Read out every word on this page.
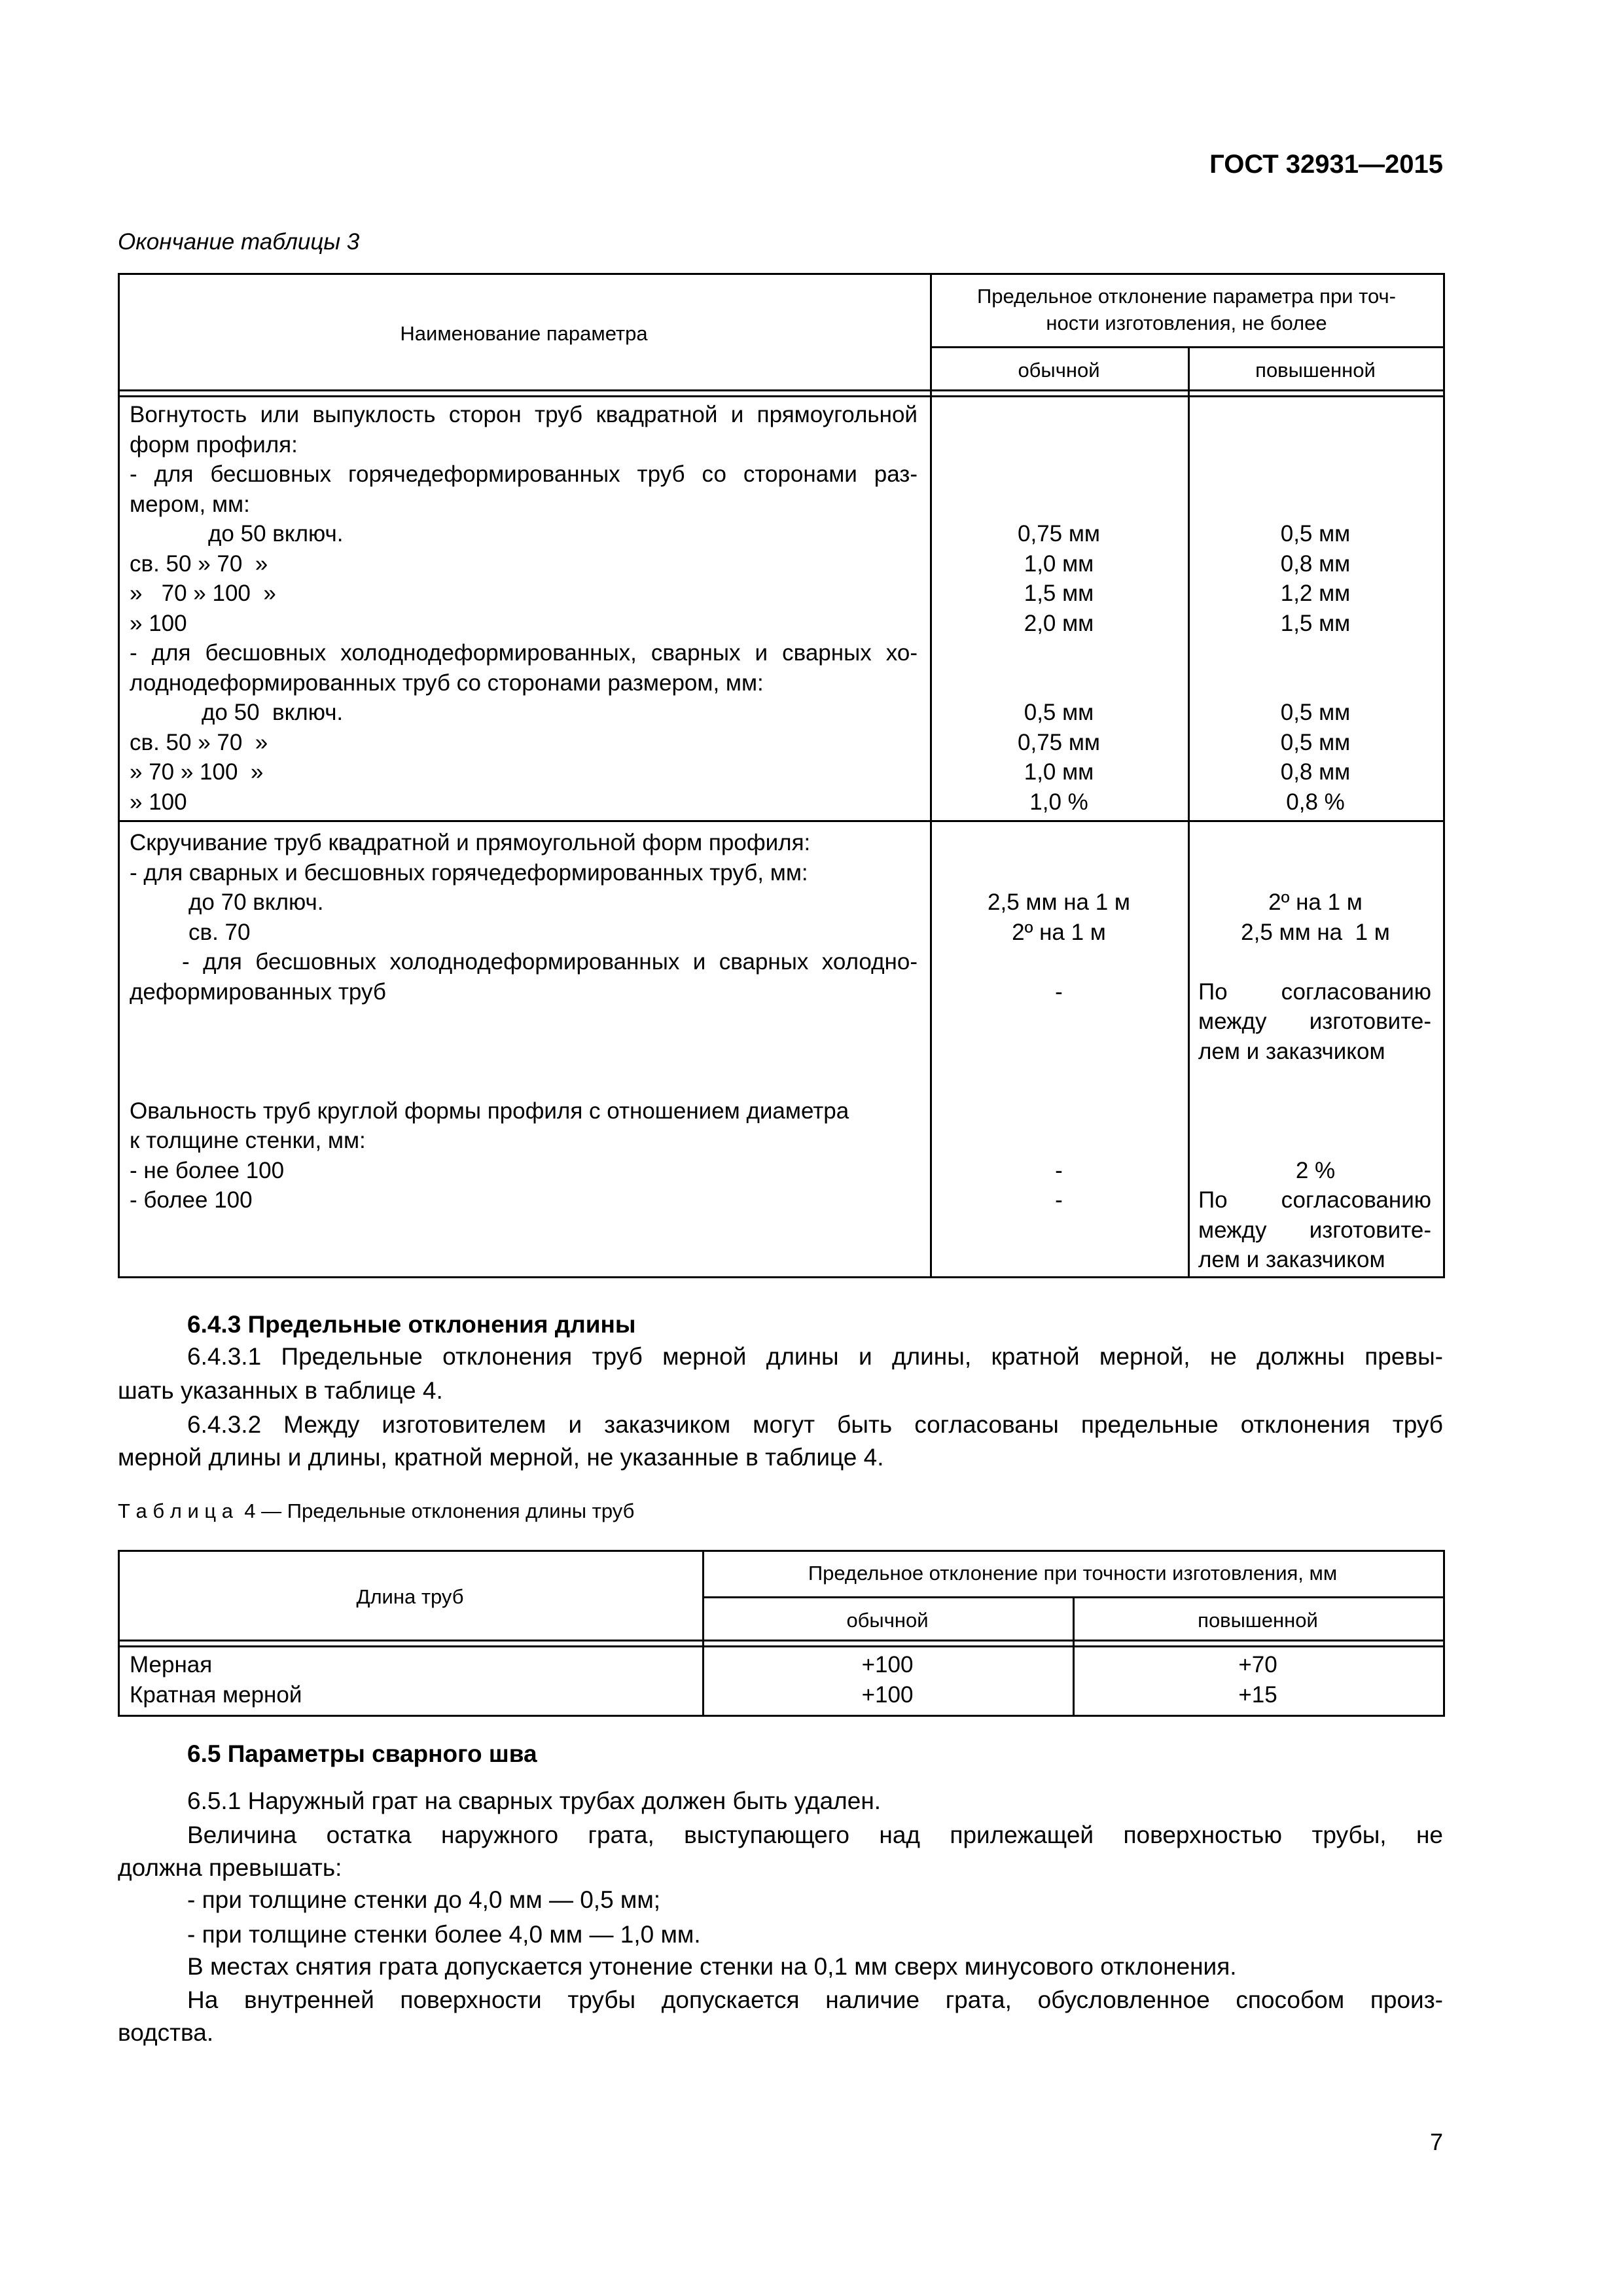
ГОСТ 32931—2015
Окончание таблицы 3
Наименование параметра
Предельное отклонение параметра при точ-
ности изготовления, не более
обычной	повышенной
Вогнутость или выпуклость сторон труб квадратной и прямоугольной
форм профиля:
- для бесшовных горячедеформированных труб со сторонами раз-
мером, мм:
до 50 включ.	0,75 мм	0,5 мм
св. 50 » 70  »	1,0 мм	0,8 мм
»   70 » 100  »	1,5 мм	1,2 мм
» 100	2,0 мм	1,5 мм
- для бесшовных холоднодеформированных, сварных и сварных хо-
лоднодеформированных труб со сторонами размером, мм:
до 50  включ.	0,5 мм	0,5 мм
св. 50 » 70  »	0,75 мм	0,5 мм
» 70 » 100  »	1,0 мм	0,8 мм
» 100	1,0 %	0,8 %
Скручивание труб квадратной и прямоугольной форм профиля:
- для сварных и бесшовных горячедеформированных труб, мм:
до 70 включ.	2,5 мм на 1 м	2º на 1 м
св. 70	2º на 1 м	2,5 мм на  1 м
- для бесшовных холоднодеформированных и сварных холодно-
деформированных труб	-	По согласованию
между изготовите-
лем и заказчиком
Овальность труб круглой формы профиля с отношением диаметра
к толщине стенки, мм:
- не более 100	-	2 %
- более 100	-	По согласованию
между изготовите-
лем и заказчиком
6.4.3 Предельные отклонения длины
6.4.3.1 Предельные отклонения труб мерной длины и длины, кратной мерной, не должны превы-
шать указанных в таблице 4.
6.4.3.2 Между изготовителем и заказчиком могут быть согласованы предельные отклонения труб
мерной длины и длины, кратной мерной, не указанные в таблице 4.
Т а б л и ц а  4 — Предельные отклонения длины труб
Длина труб
Предельное отклонение при точности изготовления, мм
обычной	повышенной
Мерная	+100	+70
Кратная мерной	+100	+15
6.5 Параметры сварного шва
6.5.1 Наружный грат на сварных трубах должен быть удален.
Величина остатка наружного грата, выступающего над прилежащей поверхностью трубы, не
должна превышать:
- при толщине стенки до 4,0 мм — 0,5 мм;
- при толщине стенки более 4,0 мм — 1,0 мм.
В местах снятия грата допускается утонение стенки на 0,1 мм сверх минусового отклонения.
На внутренней поверхности трубы допускается наличие грата, обусловленное способом произ-
водства.
7
